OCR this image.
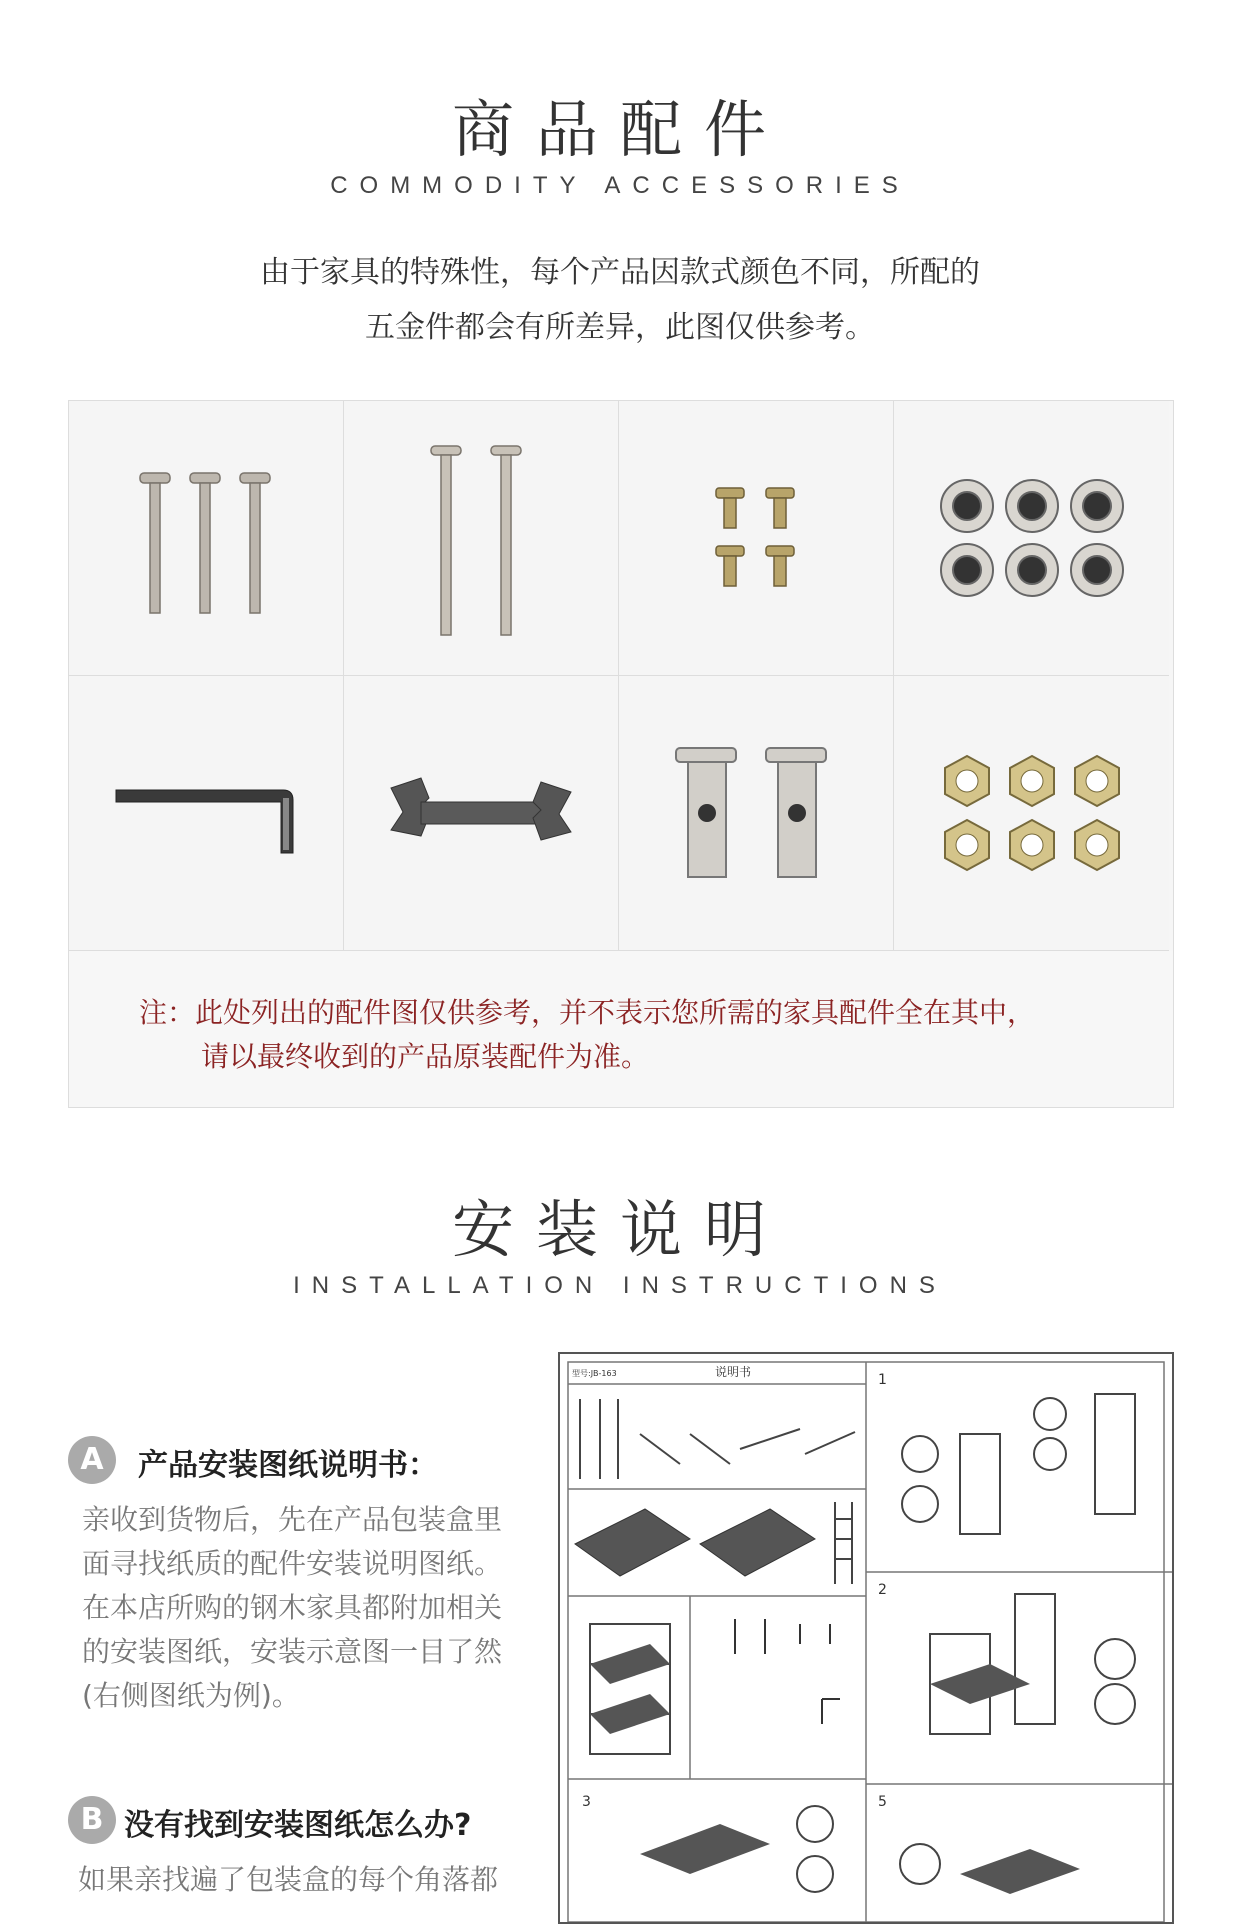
商品配件
COMMODITY ACCESSORIES
由于家具的特殊性，每个产品因款式颜色不同，所配的
五金件都会有所差异，此图仅供参考。
注：此处列出的配件图仅供参考，并不表示您所需的家具配件全在其中，
请以最终收到的产品原装配件为准。
安装说明
INSTALLATION INSTRUCTIONS
A	产品安装图纸说明书：
亲收到货物后，先在产品包装盒里
面寻找纸质的配件安装说明图纸。
在本店所购的钢木家具都附加相关
的安装图纸，安装示意图一目了然
(右侧图纸为例)。
B 没有找到安装图纸怎么办?
如果亲找遍了包装盒的每个角落都
说明书
型号:JB-163	1
2
3	5
